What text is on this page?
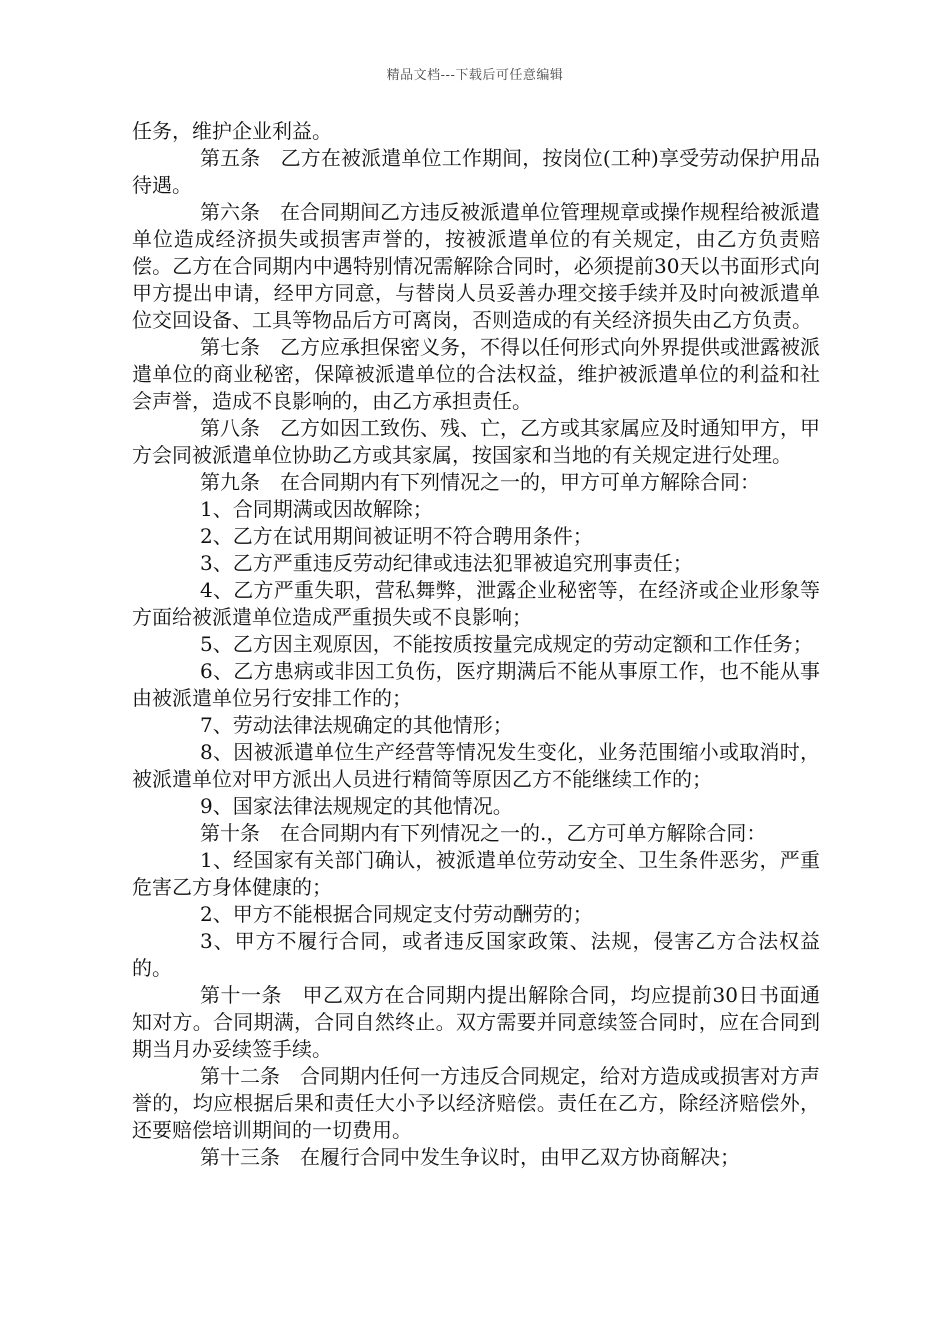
精品文档---下载后可任意编辑

任务，维护企业利益。

第五条　乙方在被派遣单位工作期间，按岗位(工种)享受劳动保护用品待遇。

第六条　在合同期间乙方违反被派遣单位管理规章或操作规程给被派遣单位造成经济损失或损害声誉的，按被派遣单位的有关规定，由乙方负责赔偿。乙方在合同期内中遇特别情况需解除合同时，必须提前30天以书面形式向甲方提出申请，经甲方同意，与替岗人员妥善办理交接手续并及时向被派遣单位交回设备、工具等物品后方可离岗，否则造成的有关经济损失由乙方负责。

第七条　乙方应承担保密义务，不得以任何形式向外界提供或泄露被派遣单位的商业秘密，保障被派遣单位的合法权益，维护被派遣单位的利益和社会声誉，造成不良影响的，由乙方承担责任。

第八条　乙方如因工致伤、残、亡，乙方或其家属应及时通知甲方，甲方会同被派遣单位协助乙方或其家属，按国家和当地的有关规定进行处理。

第九条　在合同期内有下列情况之一的，甲方可单方解除合同：

1、合同期满或因故解除；

2、乙方在试用期间被证明不符合聘用条件；

3、乙方严重违反劳动纪律或违法犯罪被追究刑事责任；

4、乙方严重失职，营私舞弊，泄露企业秘密等，在经济或企业形象等方面给被派遣单位造成严重损失或不良影响；

5、乙方因主观原因，不能按质按量完成规定的劳动定额和工作任务；

6、乙方患病或非因工负伤，医疗期满后不能从事原工作，也不能从事由被派遣单位另行安排工作的；

7、劳动法律法规确定的其他情形；

8、因被派遣单位生产经营等情况发生变化，业务范围缩小或取消时，被派遣单位对甲方派出人员进行精简等原因乙方不能继续工作的；

9、国家法律法规规定的其他情况。

第十条　在合同期内有下列情况之一的.，乙方可单方解除合同：

1、经国家有关部门确认，被派遣单位劳动安全、卫生条件恶劣，严重危害乙方身体健康的；

2、甲方不能根据合同规定支付劳动酬劳的；

3、甲方不履行合同，或者违反国家政策、法规，侵害乙方合法权益的。

第十一条　甲乙双方在合同期内提出解除合同，均应提前30日书面通知对方。合同期满，合同自然终止。双方需要并同意续签合同时，应在合同到期当月办妥续签手续。

第十二条　合同期内任何一方违反合同规定，给对方造成或损害对方声誉的，均应根据后果和责任大小予以经济赔偿。责任在乙方，除经济赔偿外，还要赔偿培训期间的一切费用。

第十三条　在履行合同中发生争议时，由甲乙双方协商解决；
